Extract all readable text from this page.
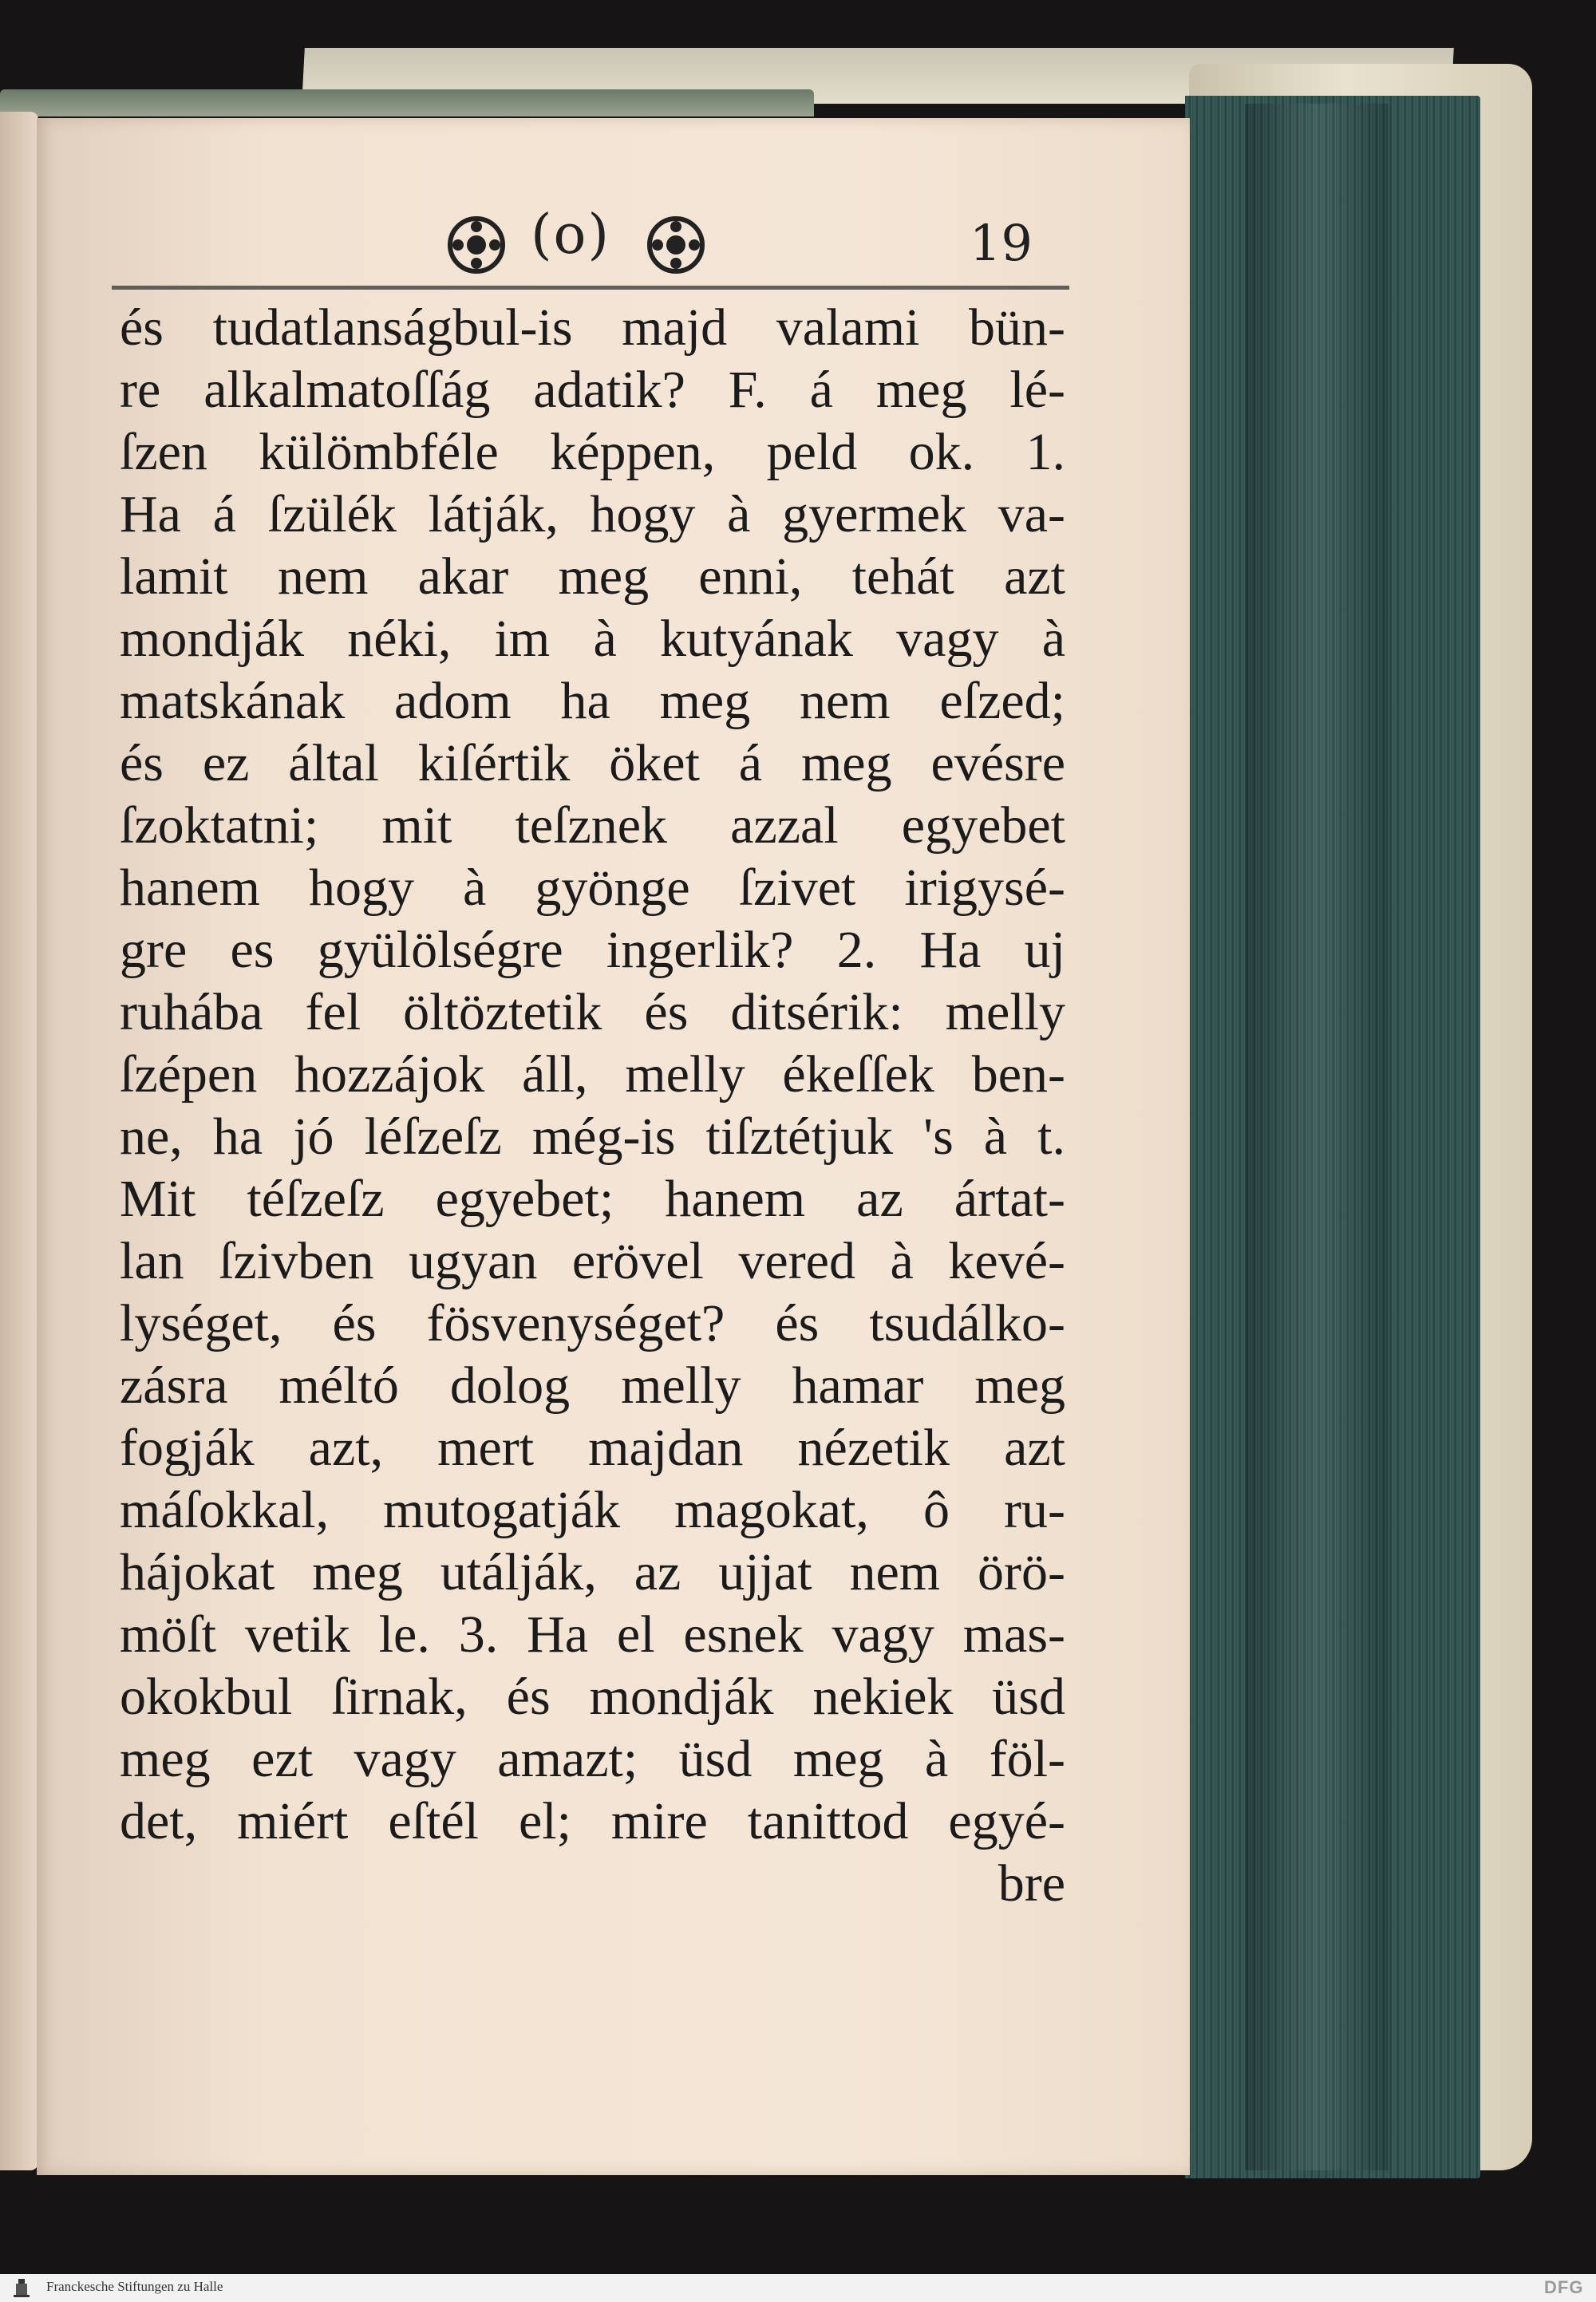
(o)	19
és tudatlanságbul-is majd valami bün-
re alkalmatoſſág adatik? F. á meg lé-
ſzen külömbféle képpen, peld ok. 1.
Ha á ſzülék látják, hogy à gyermek va-
lamit nem akar meg enni, tehát azt
mondják néki, im à kutyának vagy à
matskának adom ha meg nem eſzed;
és ez által kiſértik öket á meg evésre
ſzoktatni; mit teſznek azzal egyebet
hanem hogy à gyönge ſzivet irigysé-
gre es gyülölségre ingerlik? 2. Ha uj
ruhába fel öltöztetik és ditsérik: melly
ſzépen hozzájok áll, melly ékeſſek ben-
ne, ha jó léſzeſz még-is tiſztétjuk 's à t.
Mit téſzeſz egyebet; hanem az ártat-
lan ſzivben ugyan erövel vered à kevé-
lységet, és fösvenységet? és tsudálko-
zásra méltó dolog melly hamar meg
fogják azt, mert majdan nézetik azt
máſokkal, mutogatják magokat, ô ru-
hájokat meg utálják, az ujjat nem örö-
möſt vetik le. 3. Ha el esnek vagy mas-
okokbul ſirnak, és mondják nekiek üsd
meg ezt vagy amazt; üsd meg à föl-
det, miért eſtél el; mire tanittod egyé-
bre
Franckesche Stiftungen zu Halle	DFG
